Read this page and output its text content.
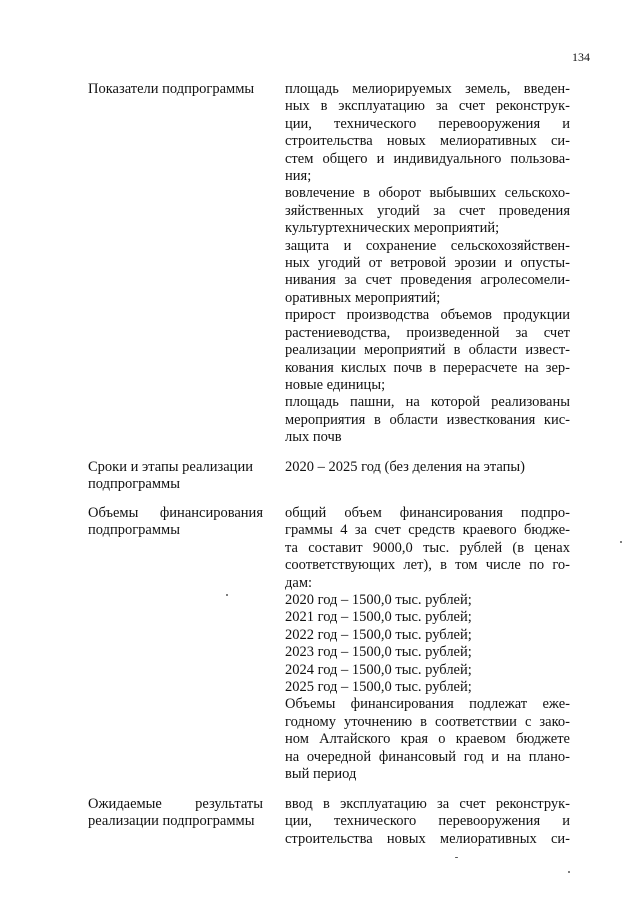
134
Показатели подпрограммы	площадь мелиорируемых земель, введен-
ных в эксплуатацию за счет реконструк-
ции, технического перевооружения и
строительства новых мелиоративных си-
стем общего и индивидуального пользова-
ния;
вовлечение в оборот выбывших сельскохо-
зяйственных угодий за счет проведения
культуртехнических мероприятий;
защита и сохранение сельскохозяйствен-
ных угодий от ветровой эрозии и опусты-
нивания за счет проведения агролесомели-
оративных мероприятий;
прирост производства объемов продукции
растениеводства, произведенной за счет
реализации мероприятий в области извест-
кования кислых почв в перерасчете на зер-
новые единицы;
площадь пашни, на которой реализованы
мероприятия в области известкования кис-
лых почв
Сроки и этапы реализации
подпрограммы
2020 – 2025 год (без деления на этапы)
Объемы финансирования
подпрограммы
общий объем финансирования подпро-
граммы 4 за счет средств краевого бюдже-
та составит 9000,0 тыс. рублей (в ценах
соответствующих лет), в том числе по го-
дам:
2020 год – 1500,0 тыс. рублей;
2021 год – 1500,0 тыс. рублей;
2022 год – 1500,0 тыс. рублей;
2023 год – 1500,0 тыс. рублей;
2024 год – 1500,0 тыс. рублей;
2025 год – 1500,0 тыс. рублей;
Объемы финансирования подлежат еже-
годному уточнению в соответствии с зако-
ном Алтайского края о краевом бюджете
на очередной финансовый год и на плано-
вый период
Ожидаемые результаты
реализации подпрограммы
ввод в эксплуатацию за счет реконструк-
ции, технического перевооружения и
строительства новых мелиоративных си-
